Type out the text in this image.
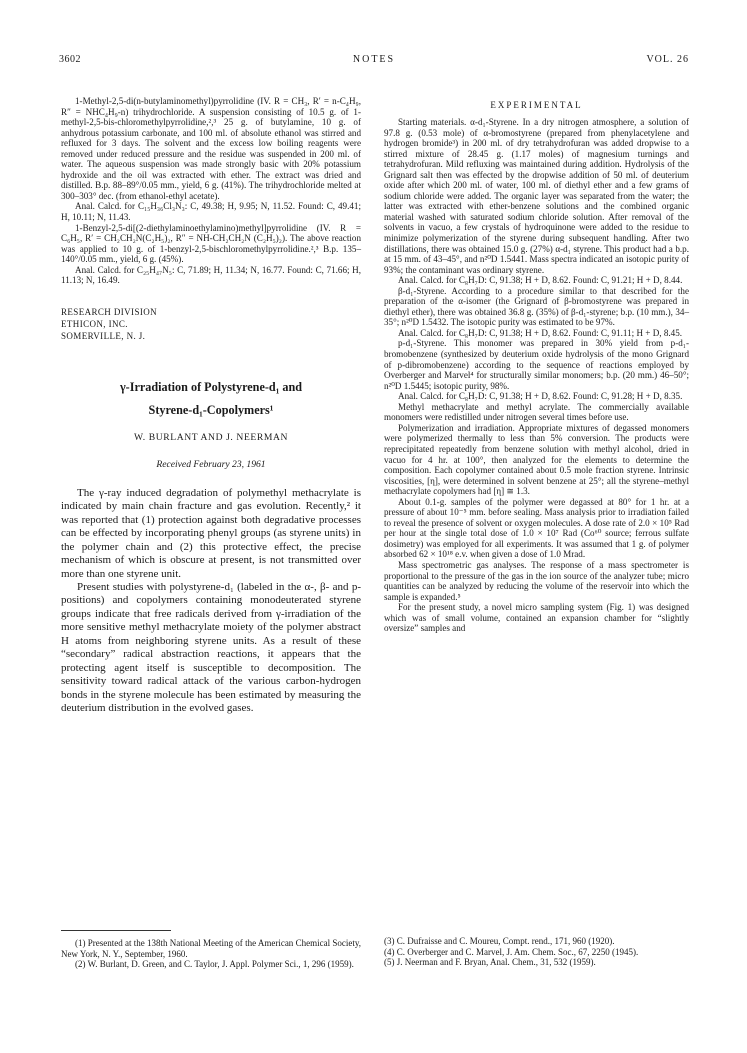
3602	NOTES	VOL. 26

1-Methyl-2,5-di(n-butylaminomethyl)pyrrolidine (IV. R = CH₃, R′ = n-C₄H₉, R″ = NHC₄H₉-n) trihydrochloride. A suspension consisting of 10.5 g. of 1-methyl-2,5-bis-chloromethylpyrrolidine,²,³ 25 g. of butylamine, 10 g. of anhydrous potassium carbonate, and 100 ml. of absolute ethanol was stirred and refluxed for 3 days. The solvent and the excess low boiling reagents were removed under reduced pressure and the residue was suspended in 200 ml. of water. The aqueous suspension was made strongly basic with 20% potassium hydroxide and the oil was extracted with ether. The extract was dried and distilled. B.p. 88–89°/0.05 mm., yield, 6 g. (41%). The trihydrochloride melted at 300–303° dec. (from ethanol-ethyl acetate).

Anal. Calcd. for C₁₅H₃₆Cl₃N₃: C, 49.38; H, 9.95; N, 11.52. Found: C, 49.41; H, 10.11; N, 11.43.

1-Benzyl-2,5-di[(2-diethylaminoethylamino)methyl]pyrrolidine (IV. R = C₆H₅, R′ = CH₂CH₂N(C₂H₅)₂, R″ = NH-CH₂CH₂N (C₂H₅)₂). The above reaction was applied to 10 g. of 1-benzyl-2,5-bischloromethylpyrrolidine.²,³ B.p. 135–140°/0.05 mm., yield, 6 g. (45%).

Anal. Calcd. for C₂₅H₄₇N₅: C, 71.89; H, 11.34; N, 16.77. Found: C, 71.66; H, 11.13; N, 16.49.

RESEARCH DIVISION
ETHICON, INC.
SOMERVILLE, N. J.
γ-Irradiation of Polystyrene-d₁ and
Styrene-d₁-Copolymers¹
W. BURLANT AND J. NEERMAN
Received February 23, 1961

The γ-ray induced degradation of polymethyl methacrylate is indicated by main chain fracture and gas evolution. Recently,² it was reported that (1) protection against both degradative processes can be effected by incorporating phenyl groups (as styrene units) in the polymer chain and (2) this protective effect, the precise mechanism of which is obscure at present, is not transmitted over more than one styrene unit.

Present studies with polystyrene-d₁ (labeled in the α-, β- and p-positions) and copolymers containing monodeuterated styrene groups indicate that free radicals derived from γ-irradiation of the more sensitive methyl methacrylate moiety of the polymer abstract H atoms from neighboring styrene units. As a result of these “secondary” radical abstraction reactions, it appears that the protecting agent itself is susceptible to decomposition. The sensitivity toward radical attack of the various carbon-hydrogen bonds in the styrene molecule has been estimated by measuring the deuterium distribution in the evolved gases.

(1) Presented at the 138th National Meeting of the American Chemical Society, New York, N. Y., September, 1960.

(2) W. Burlant, D. Green, and C. Taylor, J. Appl. Polymer Sci., 1, 296 (1959).

EXPERIMENTAL

Starting materials. α-d₁-Styrene. In a dry nitrogen atmosphere, a solution of 97.8 g. (0.53 mole) of α-bromostyrene (prepared from phenylacetylene and hydrogen bromide³) in 200 ml. of dry tetrahydrofuran was added dropwise to a stirred mixture of 28.45 g. (1.17 moles) of magnesium turnings and tetrahydrofuran. Mild refluxing was maintained during addition. Hydrolysis of the Grignard salt then was effected by the dropwise addition of 50 ml. of deuterium oxide after which 200 ml. of water, 100 ml. of diethyl ether and a few grams of sodium chloride were added. The organic layer was separated from the water; the latter was extracted with ether-benzene solutions and the combined organic material washed with saturated sodium chloride solution. After removal of the solvents in vacuo, a few crystals of hydroquinone were added to the residue to minimize polymerization of the styrene during subsequent handling. After two distillations, there was obtained 15.0 g. (27%) α-d₁ styrene. This product had a b.p. at 15 mm. of 43–45°, and n²⁰D 1.5441. Mass spectra indicated an isotopic purity of 93%; the contaminant was ordinary styrene.

Anal. Calcd. for C₈H₇D: C, 91.38; H + D, 8.62. Found: C, 91.21; H + D, 8.44.

β-d₁-Styrene. According to a procedure similar to that described for the preparation of the α-isomer (the Grignard of β-bromostyrene was prepared in diethyl ether), there was obtained 36.8 g. (35%) of β-d₁-styrene; b.p. (10 mm.), 34–35°; n²⁰D 1.5432. The isotopic purity was estimated to be 97%.

Anal. Calcd. for C₈H₇D: C, 91.38; H + D, 8.62. Found: C, 91.11; H + D, 8.45.

p-d₁-Styrene. This monomer was prepared in 30% yield from p-d₁-bromobenzene (synthesized by deuterium oxide hydrolysis of the mono Grignard of p-dibromobenzene) according to the sequence of reactions employed by Overberger and Marvel⁴ for structurally similar monomers; b.p. (20 mm.) 46–50°; n²⁰D 1.5445; isotopic purity, 98%.

Anal. Calcd. for C₈H₇D: C, 91.38; H + D, 8.62. Found: C, 91.28; H + D, 8.35.

Methyl methacrylate and methyl acrylate. The commercially available monomers were redistilled under nitrogen several times before use.

Polymerization and irradiation. Appropriate mixtures of degassed monomers were polymerized thermally to less than 5% conversion. The products were reprecipitated repeatedly from benzene solution with methyl alcohol, dried in vacuo for 4 hr. at 100°, then analyzed for the elements to determine the composition. Each copolymer contained about 0.5 mole fraction styrene. Intrinsic viscosities, [η], were determined in solvent benzene at 25°; all the styrene–methyl methacrylate copolymers had [η] ≅ 1.3.

About 0.1-g. samples of the polymer were degassed at 80° for 1 hr. at a pressure of about 10⁻⁵ mm. before sealing. Mass analysis prior to irradiation failed to reveal the presence of solvent or oxygen molecules. A dose rate of 2.0 × 10⁵ Rad per hour at the single total dose of 1.0 × 10⁷ Rad (Co⁶⁰ source; ferrous sulfate dosimetry) was employed for all experiments. It was assumed that 1 g. of polymer absorbed 62 × 10¹⁸ e.v. when given a dose of 1.0 Mrad.

Mass spectrometric gas analyses. The response of a mass spectrometer is proportional to the pressure of the gas in the ion source of the analyzer tube; micro quantities can be analyzed by reducing the volume of the reservoir into which the sample is expanded.⁵

For the present study, a novel micro sampling system (Fig. 1) was designed which was of small volume, contained an expansion chamber for “slightly oversize” samples and

(3) C. Dufraisse and C. Moureu, Compt. rend., 171, 960 (1920).

(4) C. Overberger and C. Marvel, J. Am. Chem. Soc., 67, 2250 (1945).

(5) J. Neerman and F. Bryan, Anal. Chem., 31, 532 (1959).
